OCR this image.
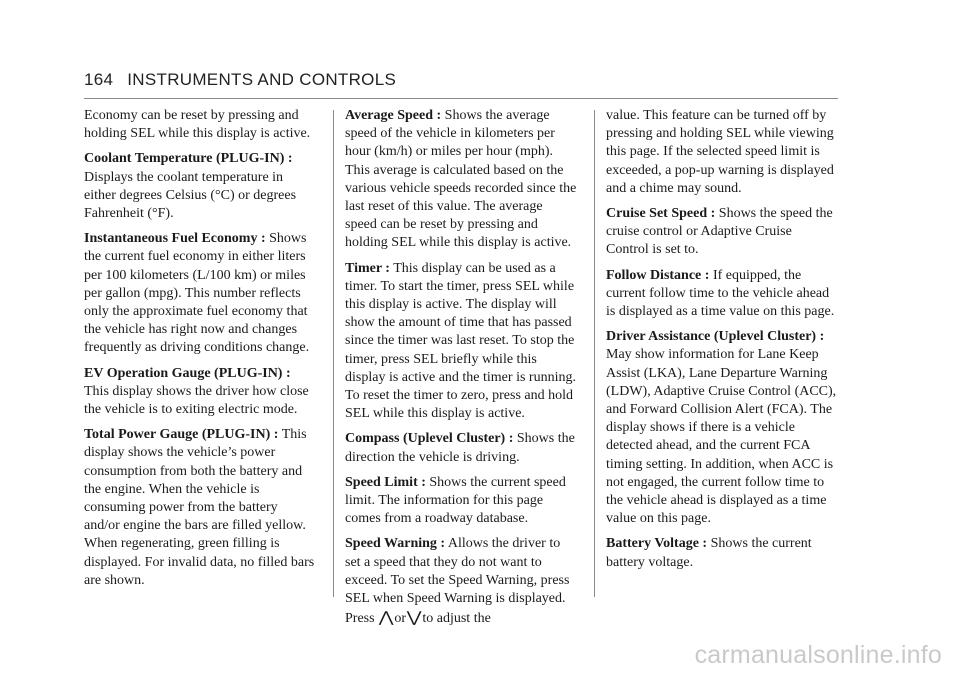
164 INSTRUMENTS AND CONTROLS

Economy can be reset by pressing and holding SEL while this display is active.

Coolant Temperature (PLUG-IN) :
Displays the coolant temperature in either degrees Celsius (°C) or degrees Fahrenheit (°F).

Instantaneous Fuel Economy : Shows the current fuel economy in either liters per 100 kilometers (L/100 km) or miles per gallon (mpg). This number reflects only the approximate fuel economy that the vehicle has right now and changes frequently as driving conditions change.

EV Operation Gauge (PLUG-IN) :
This display shows the driver how close the vehicle is to exiting electric mode.

Total Power Gauge (PLUG-IN) : This display shows the vehicle’s power consumption from both the battery and the engine. When the vehicle is consuming power from the battery and/or engine the bars are filled yellow. When regenerating, green filling is displayed. For invalid data, no filled bars are shown.

Average Speed : Shows the average speed of the vehicle in kilometers per hour (km/h) or miles per hour (mph). This average is calculated based on the various vehicle speeds recorded since the last reset of this value. The average speed can be reset by pressing and holding SEL while this display is active.

Timer : This display can be used as a timer. To start the timer, press SEL while this display is active. The display will show the amount of time that has passed since the timer was last reset. To stop the timer, press SEL briefly while this display is active and the timer is running. To reset the timer to zero, press and hold SEL while this display is active.

Compass (Uplevel Cluster) : Shows the direction the vehicle is driving.

Speed Limit : Shows the current speed limit. The information for this page comes from a roadway database.

Speed Warning : Allows the driver to set a speed that they do not want to exceed. To set the Speed Warning, press SEL when Speed Warning is displayed. Press ⋀or⋁to adjust the

value. This feature can be turned off by pressing and holding SEL while viewing this page. If the selected speed limit is exceeded, a pop-up warning is displayed and a chime may sound.

Cruise Set Speed : Shows the speed the cruise control or Adaptive Cruise Control is set to.

Follow Distance : If equipped, the current follow time to the vehicle ahead is displayed as a time value on this page.

Driver Assistance (Uplevel Cluster) : May show information for Lane Keep Assist (LKA), Lane Departure Warning (LDW), Adaptive Cruise Control (ACC), and Forward Collision Alert (FCA). The display shows if there is a vehicle detected ahead, and the current FCA timing setting. In addition, when ACC is not engaged, the current follow time to the vehicle ahead is displayed as a time value on this page.

Battery Voltage : Shows the current battery voltage.

carmanualsonline.info
